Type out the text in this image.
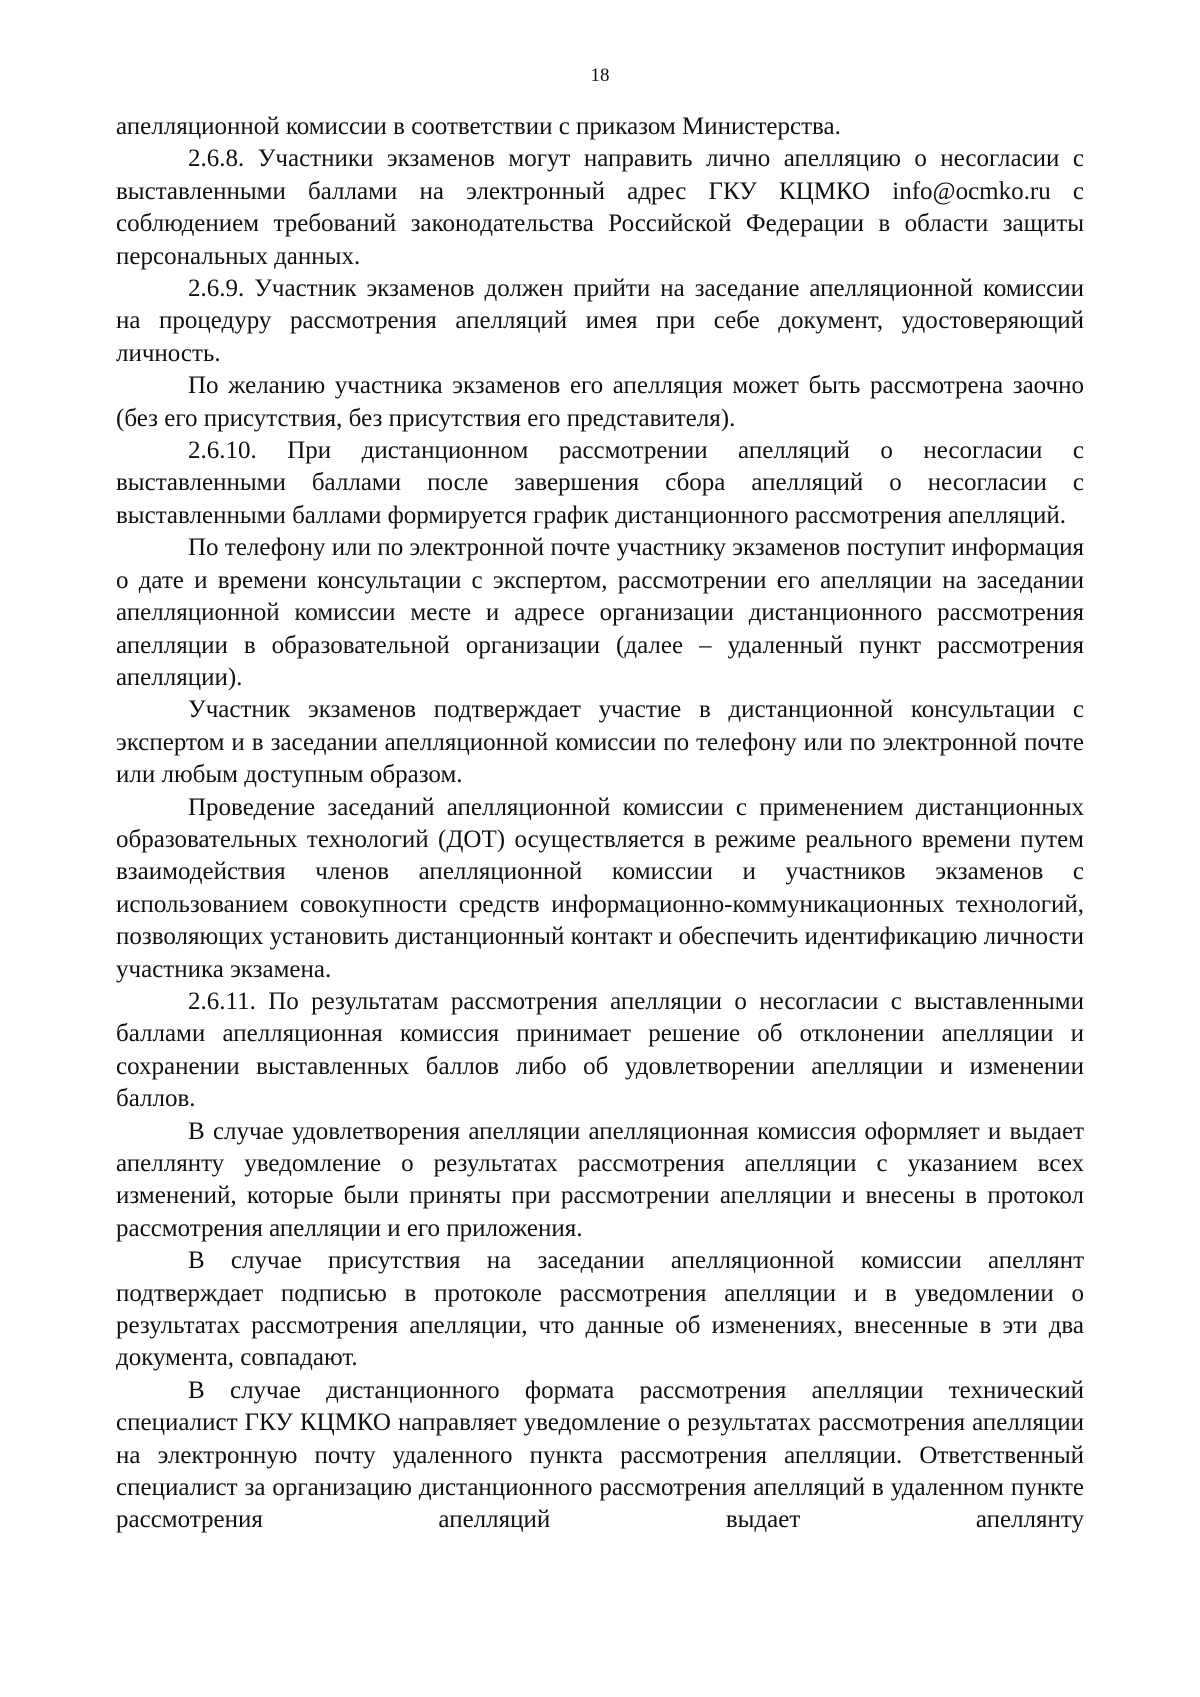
18

апелляционной комиссии в соответствии с приказом Министерства.

2.6.8. Участники экзаменов могут направить лично апелляцию о несогласии с выставленными баллами на электронный адрес ГКУ КЦМКО info@ocmko.ru с соблюдением требований законодательства Российской Федерации в области защиты персональных данных.

2.6.9. Участник экзаменов должен прийти на заседание апелляционной комиссии на процедуру рассмотрения апелляций имея при себе документ, удостоверяющий личность.

По желанию участника экзаменов его апелляция может быть рассмотрена заочно (без его присутствия, без присутствия его представителя).

2.6.10. При дистанционном рассмотрении апелляций о несогласии с выставленными баллами после завершения сбора апелляций о несогласии с выставленными баллами формируется график дистанционного рассмотрения апелляций.

По телефону или по электронной почте участнику экзаменов поступит информация о дате и времени консультации с экспертом, рассмотрении его апелляции на заседании апелляционной комиссии месте и адресе организации дистанционного рассмотрения апелляции в образовательной организации (далее – удаленный пункт рассмотрения апелляции).

Участник экзаменов подтверждает участие в дистанционной консультации с экспертом и в заседании апелляционной комиссии по телефону или по электронной почте или любым доступным образом.

Проведение заседаний апелляционной комиссии с применением дистанционных образовательных технологий (ДОТ) осуществляется в режиме реального времени путем взаимодействия членов апелляционной комиссии и участников экзаменов с использованием совокупности средств информационно-коммуникационных технологий, позволяющих установить дистанционный контакт и обеспечить идентификацию личности участника экзамена.

2.6.11. По результатам рассмотрения апелляции о несогласии с выставленными баллами апелляционная комиссия принимает решение об отклонении апелляции и сохранении выставленных баллов либо об удовлетворении апелляции и изменении баллов.

В случае удовлетворения апелляции апелляционная комиссия оформляет и выдает апеллянту уведомление о результатах рассмотрения апелляции с указанием всех изменений, которые были приняты при рассмотрении апелляции и внесены в протокол рассмотрения апелляции и его приложения.

В случае присутствия на заседании апелляционной комиссии апеллянт подтверждает подписью в протоколе рассмотрения апелляции и в уведомлении о результатах рассмотрения апелляции, что данные об изменениях, внесенные в эти два документа, совпадают.

В случае дистанционного формата рассмотрения апелляции технический специалист ГКУ КЦМКО направляет уведомление о результатах рассмотрения апелляции на электронную почту удаленного пункта рассмотрения апелляции. Ответственный специалист за организацию дистанционного рассмотрения апелляций в удаленном пункте рассмотрения апелляций выдает апеллянту
